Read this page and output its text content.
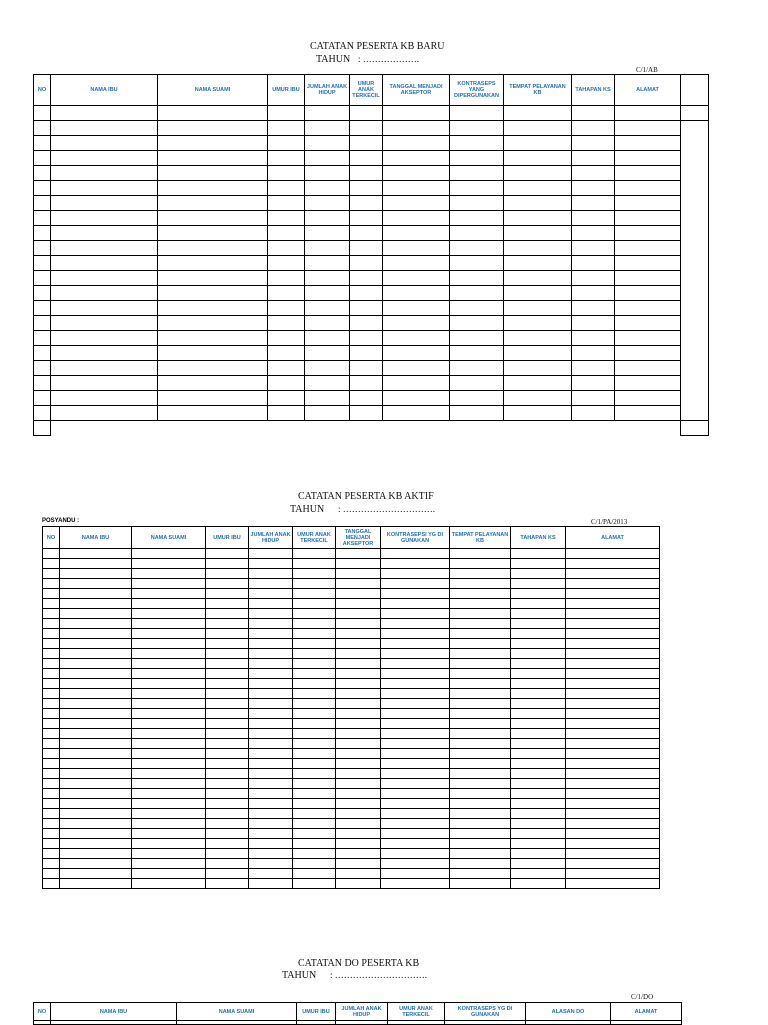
CATATAN PESERTA KB BARU
TAHUN : ……………….
C/1/AB
NO	NAMA IBU	NAMA SUAMI	UMUR IBU	JUMLAH ANAK HIDUP	UMUR ANAK TERKECIL	TANGGAL MENJADI AKSEPTOR	KONTRASEPS YANG DIPERGUNAKAN	TEMPAT PELAYANAN KB	TAHAPAN KS	ALAMAT	

CATATAN PESERTA KB AKTIF
TAHUN : ………………………….
POSYANDU :	C/1/PA/2013
NO	NAMA IBU	NAMA SUAMI	UMUR IBU	JUMLAH ANAK HIDUP	UMUR ANAK TERKECIL	TANGGAL MENJADI AKSEPTOR	KONTRASEPSI YG DI GUNAKAN	TEMPAT PELAYANAN KB	TAHAPAN KS	ALAMAT

CATATAN DO PESERTA KB
TAHUN : ………………………….
C/1/DO
NO	NAMA IBU	NAMA SUAMI	UMUR IBU	JUMLAH ANAK HIDUP	UMUR ANAK TERKECIL	KONTRASEPS YG DI GUNAKAN	ALASAN DO	ALAMAT
